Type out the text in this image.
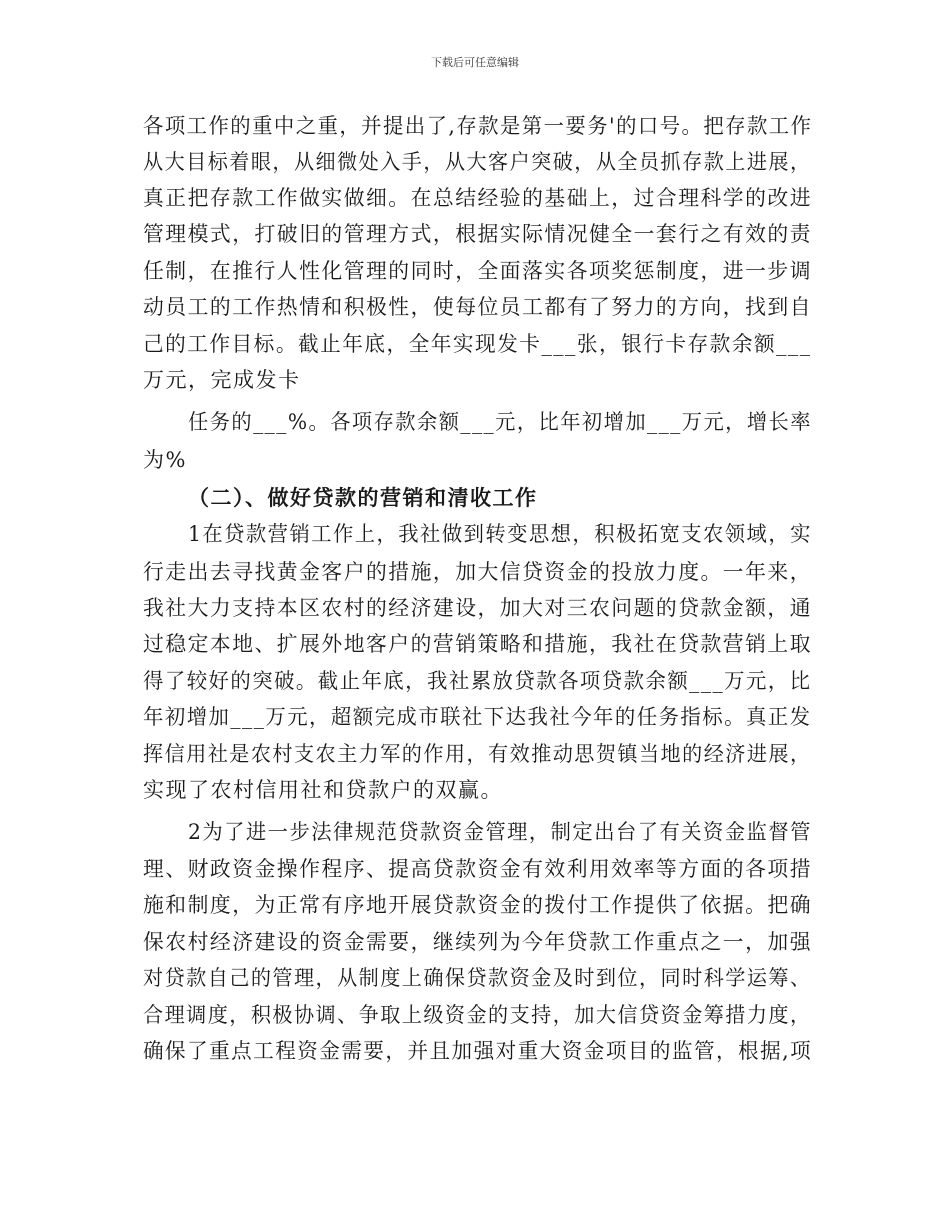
下载后可任意编辑
各项工作的重中之重，并提出了,存款是第一要务'的口号。把存款工作
从大目标着眼，从细微处入手，从大客户突破，从全员抓存款上进展，
真正把存款工作做实做细。在总结经验的基础上，过合理科学的改进
管理模式，打破旧的管理方式，根据实际情况健全一套行之有效的责
任制，在推行人性化管理的同时，全面落实各项奖惩制度，进一步调
动员工的工作热情和积极性，使每位员工都有了努力的方向，找到自
己的工作目标。截止年底，全年实现发卡___张，银行卡存款余额___
万元，完成发卡
任务的___%。各项存款余额___元，比年初增加___万元，增长率
为%
（二）、做好贷款的营销和清收工作
1在贷款营销工作上，我社做到转变思想，积极拓宽支农领域，实
行走出去寻找黄金客户的措施，加大信贷资金的投放力度。一年来，
我社大力支持本区农村的经济建设，加大对三农问题的贷款金额，通
过稳定本地、扩展外地客户的营销策略和措施，我社在贷款营销上取
得了较好的突破。截止年底，我社累放贷款各项贷款余额___万元，比
年初增加___万元，超额完成市联社下达我社今年的任务指标。真正发
挥信用社是农村支农主力军的作用，有效推动思贺镇当地的经济进展，
实现了农村信用社和贷款户的双赢。
2为了进一步法律规范贷款资金管理，制定出台了有关资金监督管
理、财政资金操作程序、提高贷款资金有效利用效率等方面的各项措
施和制度，为正常有序地开展贷款资金的拨付工作提供了依据。把确
保农村经济建设的资金需要，继续列为今年贷款工作重点之一，加强
对贷款自己的管理，从制度上确保贷款资金及时到位，同时科学运筹、
合理调度，积极协调、争取上级资金的支持，加大信贷资金筹措力度，
确保了重点工程资金需要，并且加强对重大资金项目的监管，根据,项
